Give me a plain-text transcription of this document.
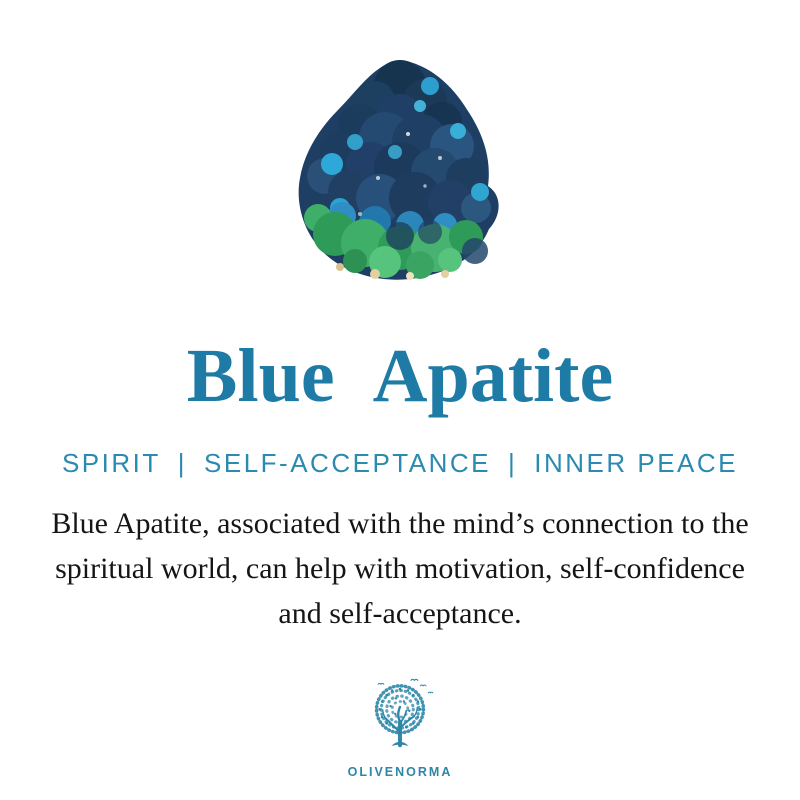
Blue Apatite
SPIRIT | SELF-ACCEPTANCE | INNER PEACE
Blue Apatite, associated with the mind’s connection to the
spiritual world, can help with motivation, self-confidence
and self-acceptance.
OLIVENORMA
